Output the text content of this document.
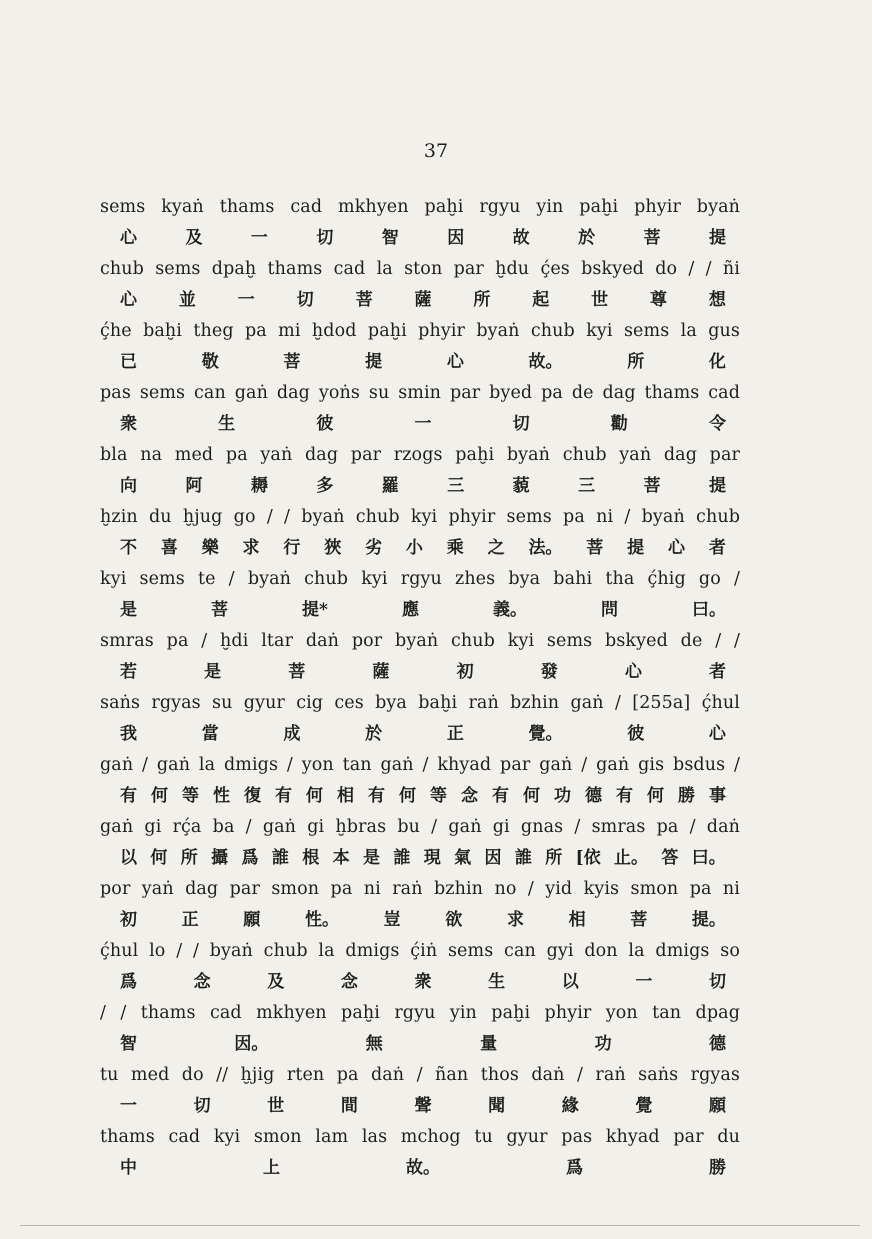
37
sems kyaṅ thams cad mkhyen paḫi rgyu yin paḫi phyir byaṅ
心	及	一	切	智	因	故	於	菩	提
chub sems dpaḫ thams cad la ston par ḫdu ḉes bskyed do / / ñi
心 並 一 切 菩 薩 所 起 世 尊 想
ḉhe baḫi theg pa mi ḫdod paḫi phyir byaṅ chub kyi sems la gus
已	敬	菩	提	心	故。	所	化
pas sems can gaṅ dag yoṅs su smin par byed pa de dag thams cad
衆	生	彼	一	切	勸	令
bla na med pa yaṅ dag par rzogs paḫi byaṅ chub yaṅ dag par
向	阿	耨	多	羅	三	藐	三	菩	提
ḫzin du ḫjug go / / byaṅ chub kyi phyir sems pa ni / byaṅ chub
不 喜 樂 求 行 狹 劣 小 乘 之 法。 菩 提 心 者
kyi sems te / byaṅ chub kyi rgyu zhes bya bahi tha ḉhig go /
是	菩	提*	應	義。	問	曰。
smras pa / ḫdi ltar daṅ por byaṅ chub kyi sems bskyed de / /
若	是	菩	薩	初	發	心	者
saṅs rgyas su gyur cig ces bya baḫi raṅ bzhin gaṅ / [255a] ḉhul
我	當	成	於	正	覺。	彼	心
gaṅ / gaṅ la dmigs / yon tan gaṅ / khyad par gaṅ / gaṅ gis bsdus /
有 何 等 性 復 有 何 相 有 何 等 念 有 何 功 德 有 何 勝 事
gaṅ gi rḉa ba / gaṅ gi ḫbras bu / gaṅ gi gnas / smras pa / daṅ
以 何 所 攝 爲 誰 根 本 是 誰 現 氣 因 誰 所 [依 止。 答 曰。
por yaṅ dag par smon pa ni raṅ bzhin no / yid kyis smon pa ni
初	正	願	性。	豈	欲	求	相	菩	提。
ḉhul lo / / byaṅ chub la dmigs ḉiṅ sems can gyi don la dmigs so
爲	念	及	念	衆	生	以	一	切
/ / thams cad mkhyen paḫi rgyu yin paḫi phyir yon tan dpag
智	因。	無	量	功	德
tu med do // ḫjig rten pa daṅ / ñan thos daṅ / raṅ saṅs rgyas
一	切	世	間	聲	聞	緣	覺	願
thams cad kyi smon lam las mchog tu gyur pas khyad par du
中	上	故。	爲	勝
